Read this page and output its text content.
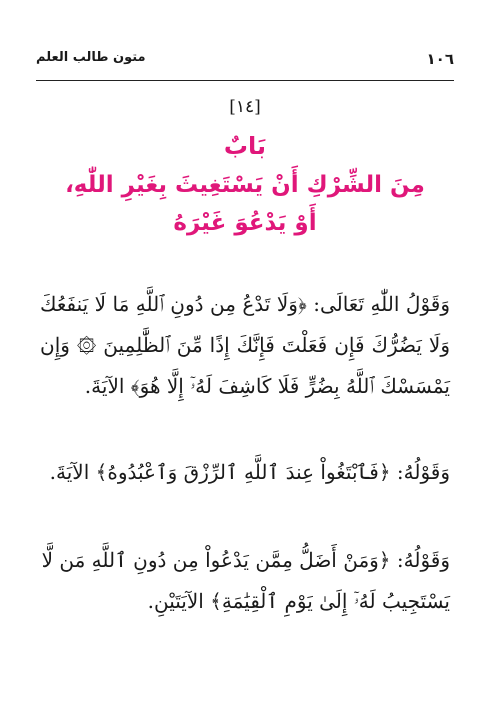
١٠٦
متون طالب العلم
[١٤]
بَابٌ
مِنَ الشِّرْكِ أَنْ يَسْتَغِيثَ بِغَيْرِ اللّٰهِ،
أَوْ يَدْعُوَ غَيْرَهُ
وَقَوْلُ اللّٰهِ تَعَالَى: ﴿وَلَا تَدْعُ مِن دُونِ ٱللَّهِ مَا لَا يَنفَعُكَ وَلَا يَضُرُّكَ فَإِن فَعَلْتَ فَإِنَّكَ إِذًا مِّنَ ٱلظَّٰلِمِينَ ۞ وَإِن يَمْسَسْكَ ٱللَّهُ بِضُرٍّ فَلَا كَاشِفَ لَهُۥٓ إِلَّا هُوَ﴾ الآيَةَ.
وَقَوْلُهُ: ﴿فَٱبْتَغُواْ عِندَ ٱللَّهِ ٱلرِّزْقَ وَٱعْبُدُوهُ﴾ الآيَةَ.
وَقَوْلُهُ: ﴿وَمَنْ أَضَلُّ مِمَّن يَدْعُواْ مِن دُونِ ٱللَّهِ مَن لَّا يَسْتَجِيبُ لَهُۥٓ إِلَىٰ يَوْمِ ٱلْقِيَٰمَةِ﴾ الآيَتَيْنِ.
